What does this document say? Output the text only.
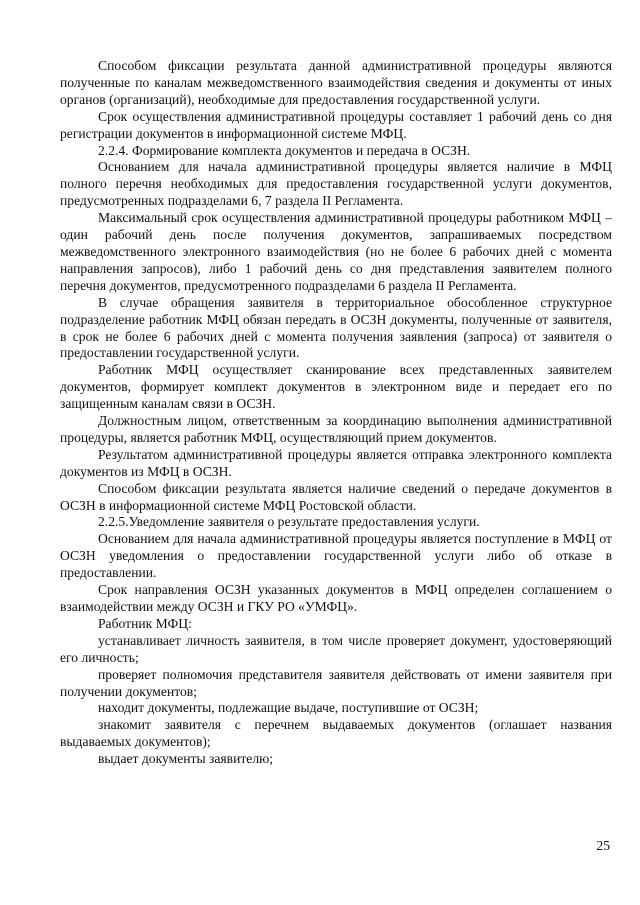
Способом фиксации результата данной административной процедуры являются полученные по каналам межведомственного взаимодействия сведения и документы от иных органов (организаций), необходимые для предоставления государственной услуги.

Срок осуществления административной процедуры составляет 1 рабочий день со дня регистрации документов в информационной системе МФЦ.

2.2.4. Формирование комплекта документов и передача в ОСЗН.

Основанием для начала административной процедуры является наличие в МФЦ полного перечня необходимых для предоставления государственной услуги документов, предусмотренных подразделами 6, 7 раздела II Регламента.

Максимальный срок осуществления административной процедуры работником МФЦ – один рабочий день после получения документов, запрашиваемых посредством межведомственного электронного взаимодействия (но не более 6 рабочих дней с момента направления запросов), либо 1 рабочий день со дня представления заявителем полного перечня документов, предусмотренного подразделами 6 раздела II Регламента.

В случае обращения заявителя в территориальное обособленное структурное подразделение работник МФЦ обязан передать в ОСЗН документы, полученные от заявителя, в срок не более 6 рабочих дней с момента получения заявления (запроса) от заявителя о предоставлении государственной услуги.

Работник МФЦ осуществляет сканирование всех представленных заявителем документов, формирует комплект документов в электронном виде и передает его по защищенным каналам связи в ОСЗН.

Должностным лицом, ответственным за координацию выполнения административной процедуры, является работник МФЦ, осуществляющий прием документов.

Результатом административной процедуры является отправка электронного комплекта документов из МФЦ в ОСЗН.

Способом фиксации результата является наличие сведений о передаче документов в ОСЗН в информационной системе МФЦ Ростовской области.

2.2.5.Уведомление заявителя о результате предоставления услуги.

Основанием для начала административной процедуры является поступление в МФЦ от ОСЗН уведомления о предоставлении государственной услуги либо об отказе в предоставлении.

Срок направления ОСЗН указанных документов в МФЦ определен соглашением о взаимодействии между ОСЗН и ГКУ РО «УМФЦ».

Работник МФЦ:

устанавливает личность заявителя, в том числе проверяет документ, удостоверяющий его личность;

проверяет полномочия представителя заявителя действовать от имени заявителя при получении документов;

находит документы, подлежащие выдаче, поступившие от ОСЗН;

знакомит заявителя с перечнем выдаваемых документов (оглашает названия выдаваемых документов);

выдает документы заявителю;

25
